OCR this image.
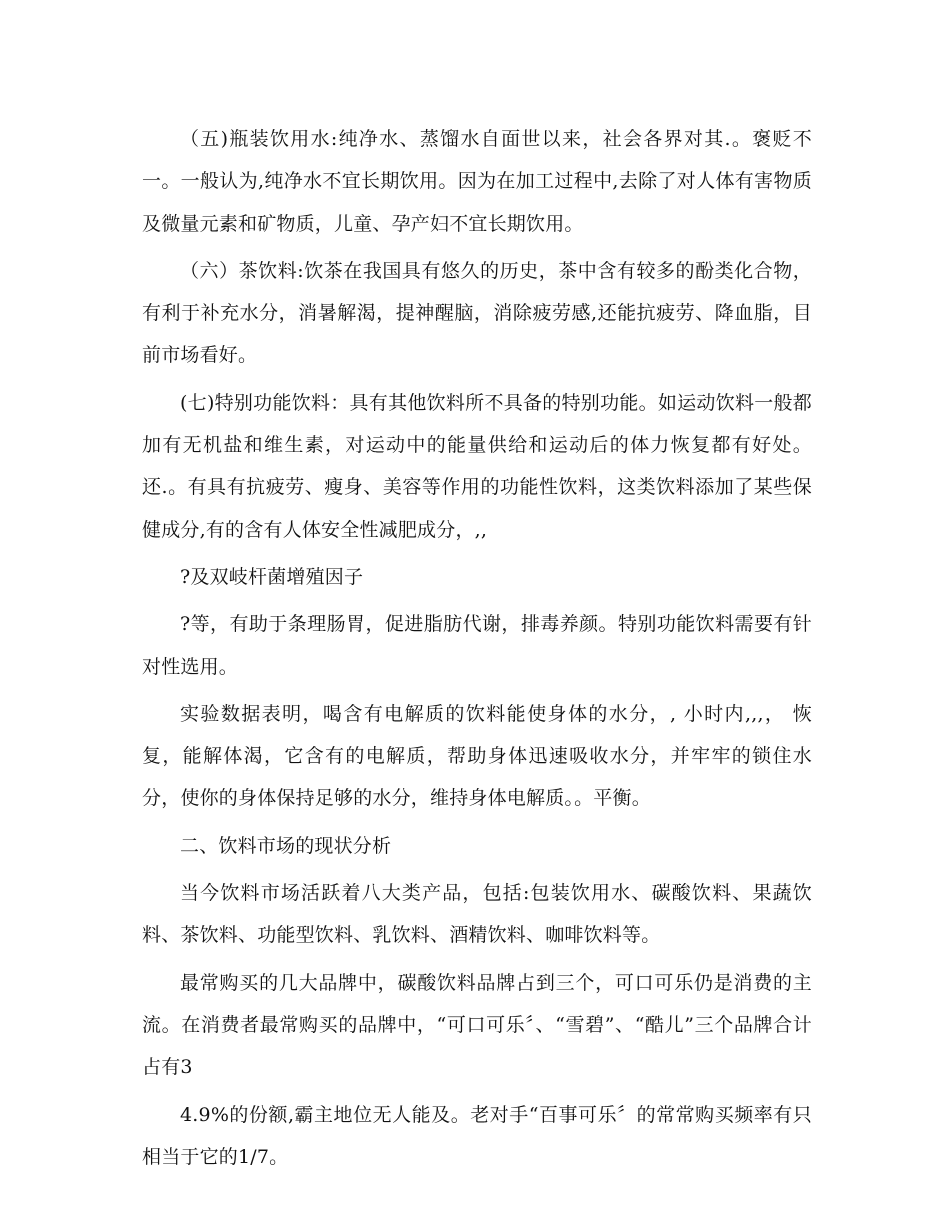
（五)瓶装饮用水:纯净水、蒸馏水自面世以来，社会各界对其.。褒贬不一。一般认为,纯净水不宜长期饮用。因为在加工过程中,去除了对人体有害物质及微量元素和矿物质，儿童、孕产妇不宜长期饮用。

（六）茶饮料:饮茶在我国具有悠久的历史，茶中含有较多的酚类化合物，有利于补充水分，消暑解渴，提神醒脑，消除疲劳感,还能抗疲劳、降血脂，目前市场看好。

(七)特别功能饮料：具有其他饮料所不具备的特别功能。如运动饮料一般都加有无机盐和维生素，对运动中的能量供给和运动后的体力恢复都有好处。还.。有具有抗疲劳、瘦身、美容等作用的功能性饮料，这类饮料添加了某些保健成分,有的含有人体安全性减肥成分，,,

?及双岐杆菌增殖因子

?等，有助于条理肠胃，促进脂肪代谢，排毒养颜。特别功能饮料需要有针对性选用。

实验数据表明，喝含有电解质的饮料能使身体的水分，, 小时内,,,， 恢复，能解体渴，它含有的电解质，帮助身体迅速吸收水分，并牢牢的锁住水分，使你的身体保持足够的水分，维持身体电解质。。平衡。

二、饮料市场的现状分析

当今饮料市场活跃着八大类产品，包括:包装饮用水、碳酸饮料、果蔬饮料、茶饮料、功能型饮料、乳饮料、酒精饮料、咖啡饮料等。

最常购买的几大品牌中，碳酸饮料品牌占到三个，可口可乐仍是消费的主流。在消费者最常购买的品牌中，“可口可乐〞、“雪碧”、“酷儿”三个品牌合计占有3

4.9%的份额,霸主地位无人能及。老对手“百事可乐〞的常常购买频率有只相当于它的1/7。
